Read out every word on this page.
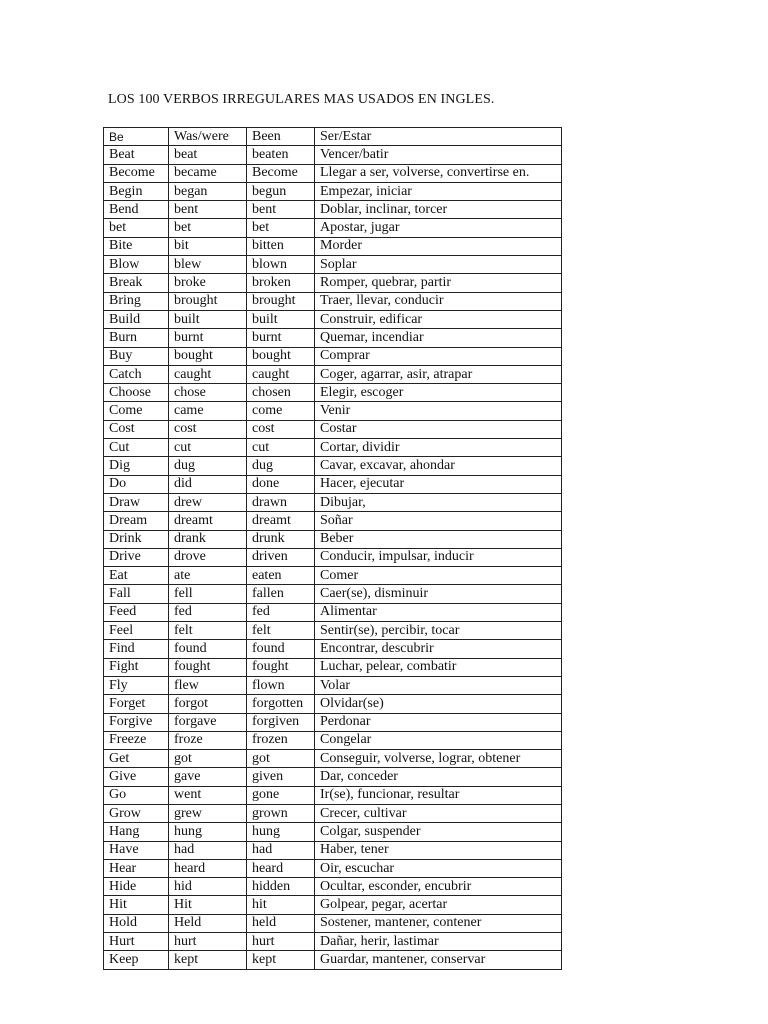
LOS 100 VERBOS IRREGULARES MAS USADOS EN INGLES.
Be	Was/were	Been	Ser/Estar
Beat	beat	beaten	Vencer/batir
Become	became	Become	Llegar a ser, volverse, convertirse en.
Begin	began	begun	Empezar, iniciar
Bend	bent	bent	Doblar, inclinar, torcer
bet	bet	bet	Apostar, jugar
Bite	bit	bitten	Morder
Blow	blew	blown	Soplar
Break	broke	broken	Romper, quebrar, partir
Bring	brought	brought	Traer, llevar, conducir
Build	built	built	Construir, edificar
Burn	burnt	burnt	Quemar, incendiar
Buy	bought	bought	Comprar
Catch	caught	caught	Coger, agarrar, asir, atrapar
Choose	chose	chosen	Elegir, escoger
Come	came	come	Venir
Cost	cost	cost	Costar
Cut	cut	cut	Cortar, dividir
Dig	dug	dug	Cavar, excavar, ahondar
Do	did	done	Hacer, ejecutar
Draw	drew	drawn	Dibujar,
Dream	dreamt	dreamt	Soñar
Drink	drank	drunk	Beber
Drive	drove	driven	Conducir, impulsar, inducir
Eat	ate	eaten	Comer
Fall	fell	fallen	Caer(se), disminuir
Feed	fed	fed	Alimentar
Feel	felt	felt	Sentir(se), percibir, tocar
Find	found	found	Encontrar, descubrir
Fight	fought	fought	Luchar, pelear, combatir
Fly	flew	flown	Volar
Forget	forgot	forgotten	Olvidar(se)
Forgive	forgave	forgiven	Perdonar
Freeze	froze	frozen	Congelar
Get	got	got	Conseguir, volverse, lograr, obtener
Give	gave	given	Dar, conceder
Go	went	gone	Ir(se), funcionar, resultar
Grow	grew	grown	Crecer, cultivar
Hang	hung	hung	Colgar, suspender
Have	had	had	Haber, tener
Hear	heard	heard	Oir, escuchar
Hide	hid	hidden	Ocultar, esconder, encubrir
Hit	Hit	hit	Golpear, pegar, acertar
Hold	Held	held	Sostener, mantener, contener
Hurt	hurt	hurt	Dañar, herir, lastimar
Keep	kept	kept	Guardar, mantener, conservar
